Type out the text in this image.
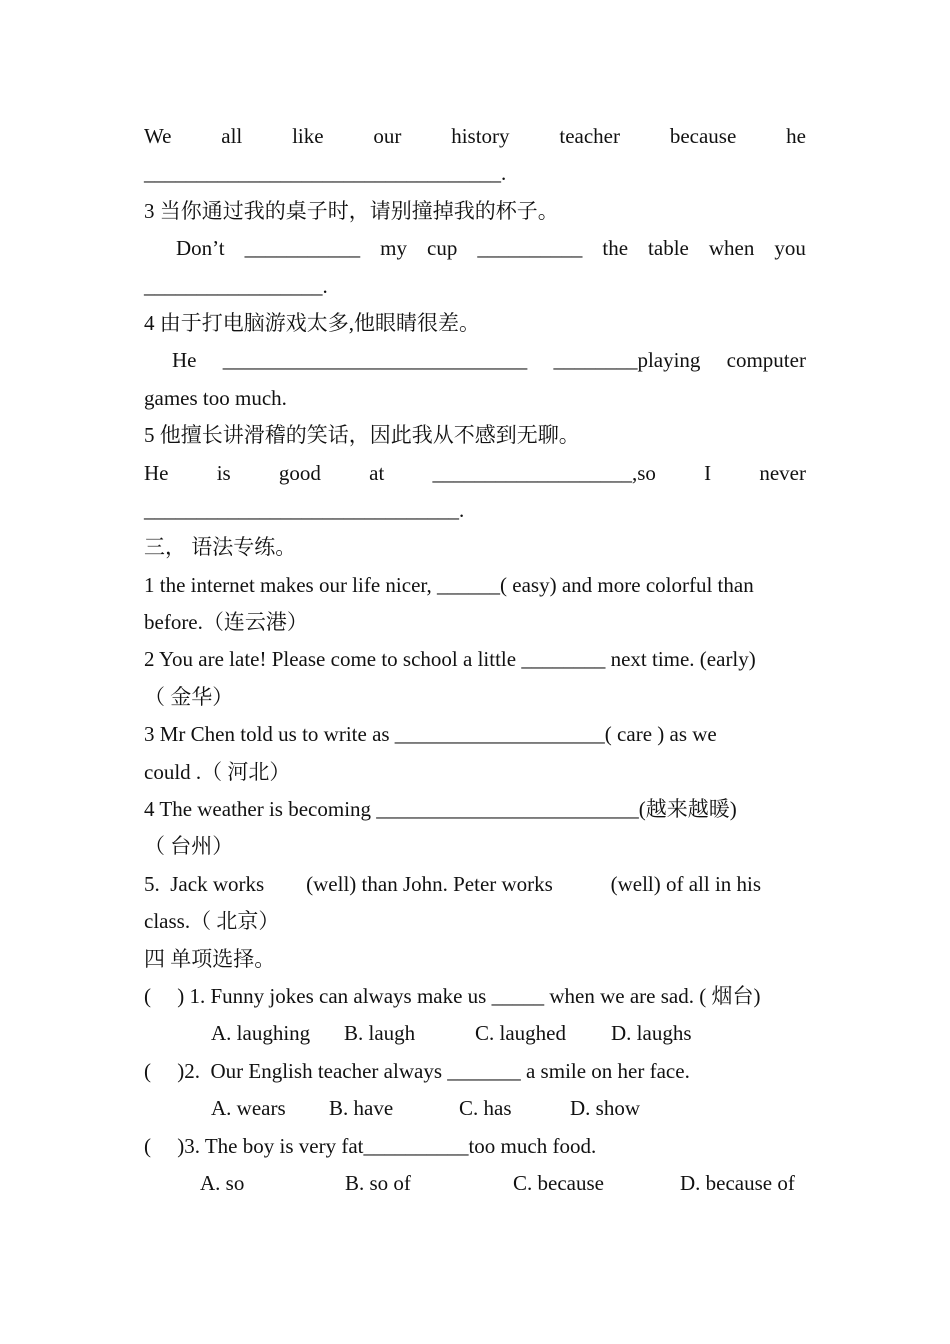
We all like our history teacher because he
__________________________________.
3 当你通过我的桌子时，请别撞掉我的杯子。
Don’t ___________ my cup __________ the table when you
_________________.
4 由于打电脑游戏太多,他眼睛很差。
He _____________________________ ________playing computer
games too much.
5 他擅长讲滑稽的笑话，因此我从不感到无聊。
He is good at ___________________,so I never
______________________________.
三， 语法专练。
1 the internet makes our life nicer, ______( easy) and more colorful than
before.（连云港）
2 You are late! Please come to school a little ________ next time. (early)
（ 金华）
3 Mr Chen told us to write as ____________________( care ) as we
could .（ 河北）
4 The weather is becoming _________________________(越来越暖)
（ 台州）
5.  Jack works        (well) than John. Peter works           (well) of all in his
class.（ 北京）
四 单项选择。
(     ) 1. Funny jokes can always make us _____ when we are sad. ( 烟台)
A. laughing	B. laugh	C. laughed	D. laughs
(     )2.  Our English teacher always _______ a smile on her face.
A. wears	B. have	C. has	D. show
(     )3. The boy is very fat__________too much food.
A. so	B. so of	C. because	D. because of
